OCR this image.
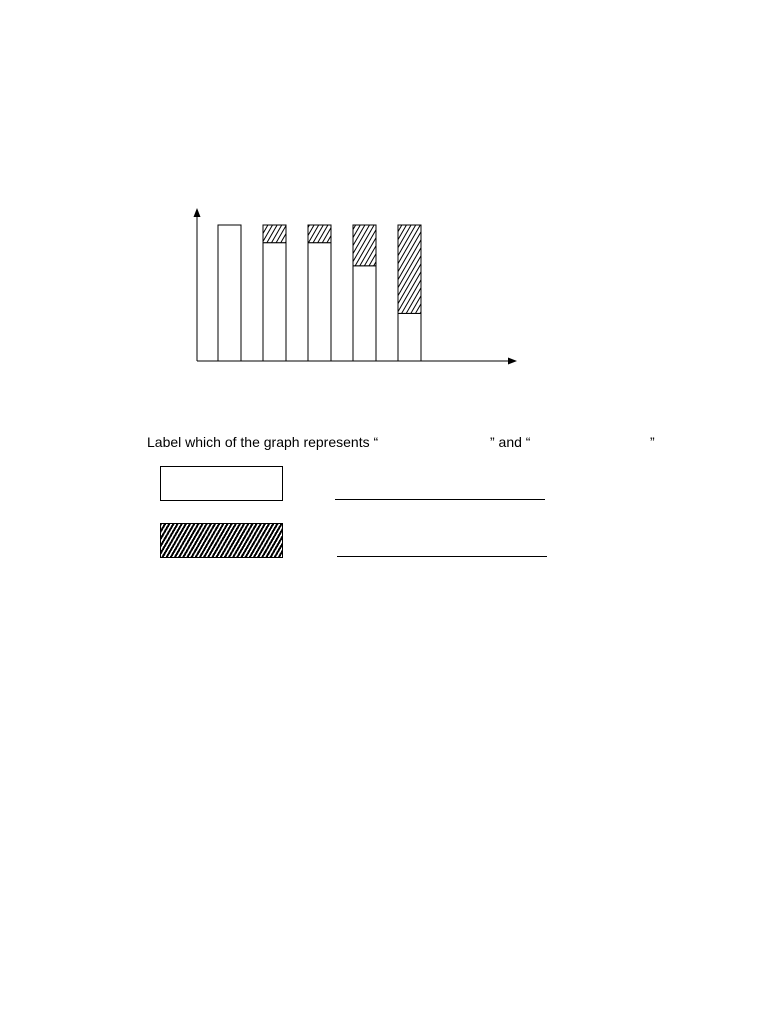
Label which of the graph represents “	” and “	”
